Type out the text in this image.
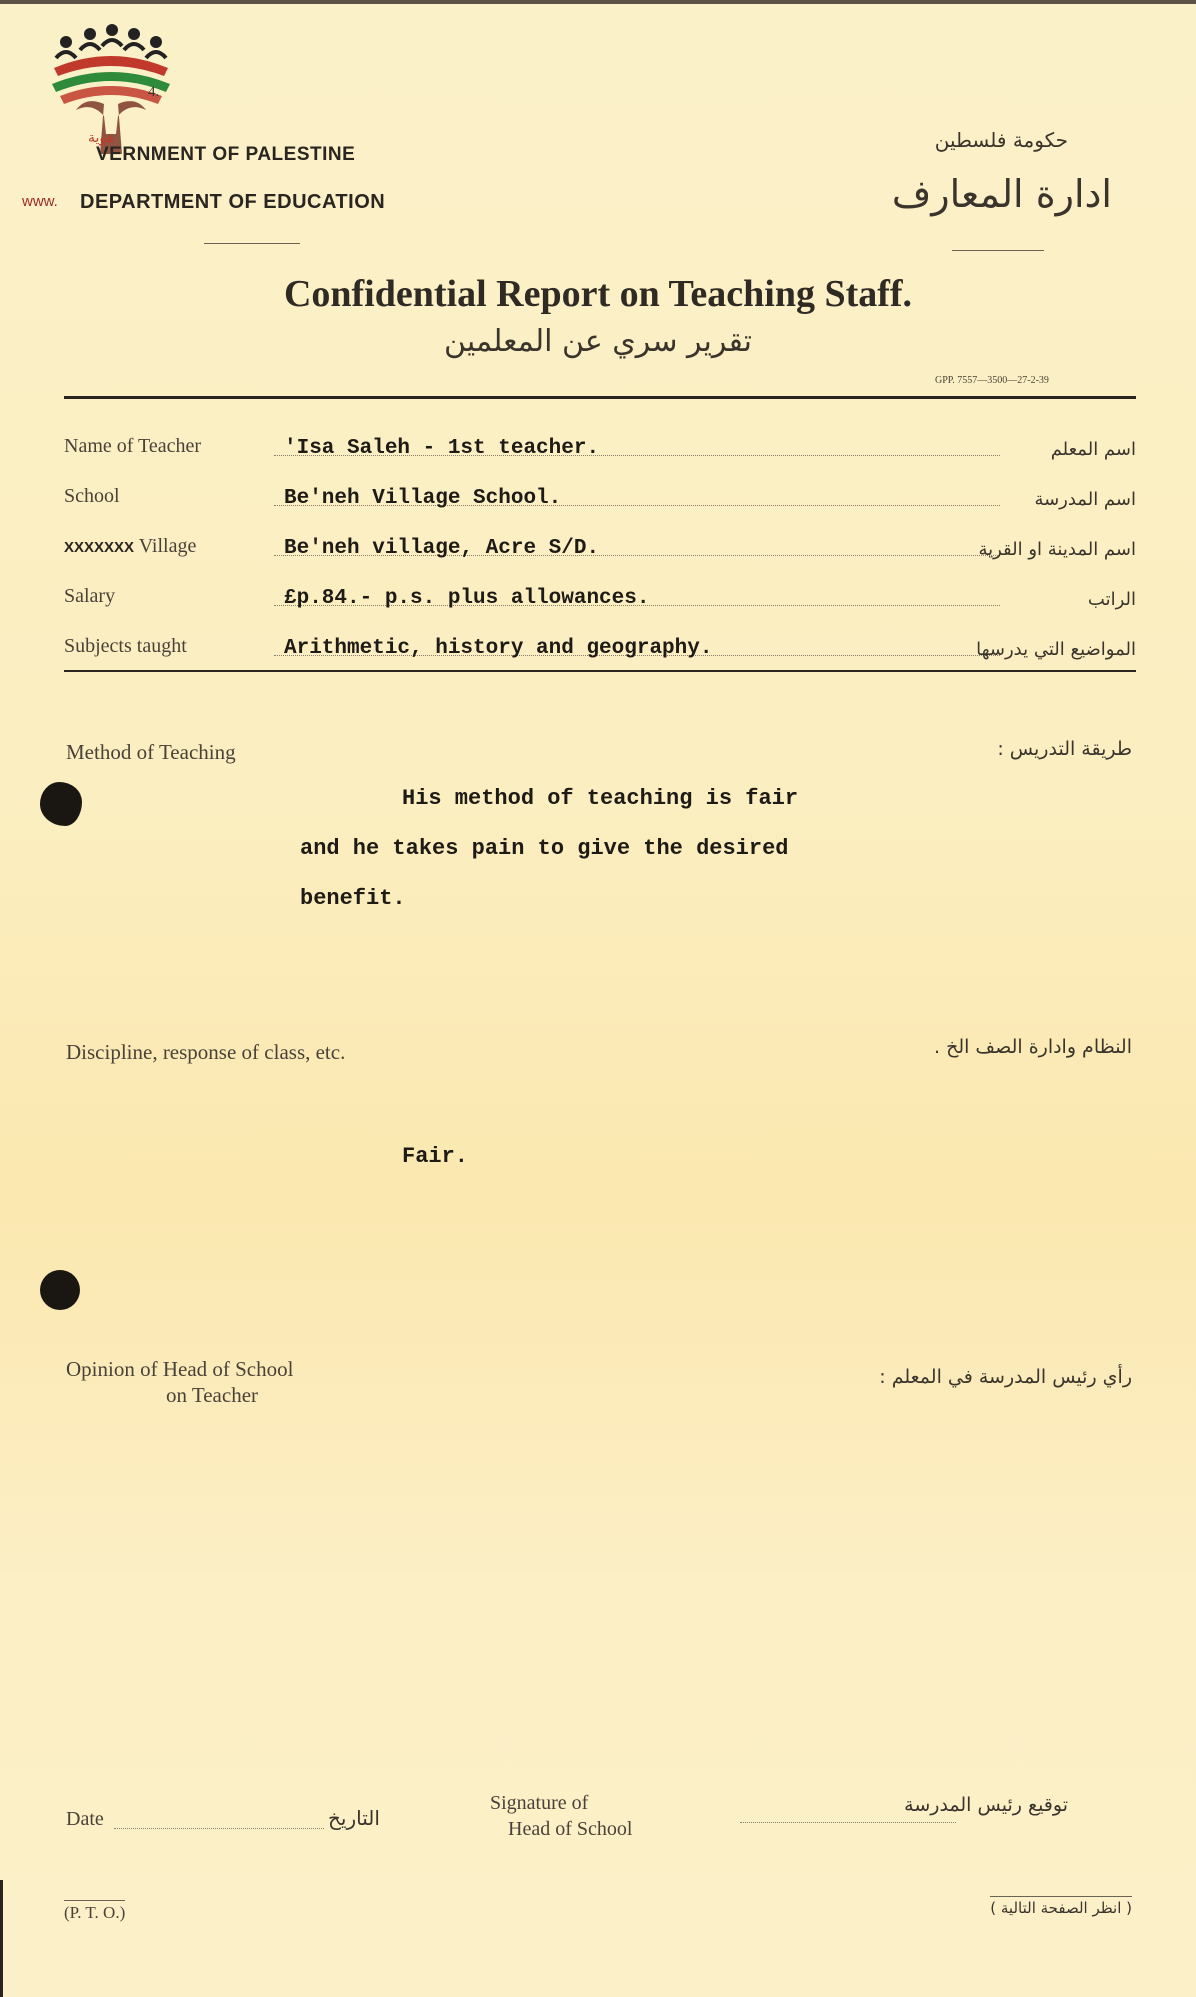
هوية
4.
VERNMENT OF PALESTINE
www. DEPARTMENT OF EDUCATION
حكومة فلسطين
ادارة المعارف
Confidential Report on Teaching Staff.
تقرير سري عن المعلمين
GPP. 7557—3500—27-2-39
Name of Teacher	'Isa Saleh - 1st teacher.	اسم المعلم
School	Be'neh Village School.	اسم المدرسة
XXXXXXX Village	Be'neh village, Acre S/D.	اسم المدينة او القرية
Salary	£p.84.- p.s. plus allowances.	الراتب
Subjects taught	Arithmetic, history and geography.	المواضيع التي يدرسها
Method of Teaching	طريقة التدريس :
His method of teaching is fair
and he takes pain to give the desired
benefit.
Discipline, response of class, etc.	النظام وادارة الصف الخ .
Fair.
Opinion of Head of School
on Teacher
رأي رئيس المدرسة في المعلم :
Date	التاريخ
Signature of
Head of School
توقيع رئيس المدرسة
(P. T. O.)	( انظر الصفحة التالية )
